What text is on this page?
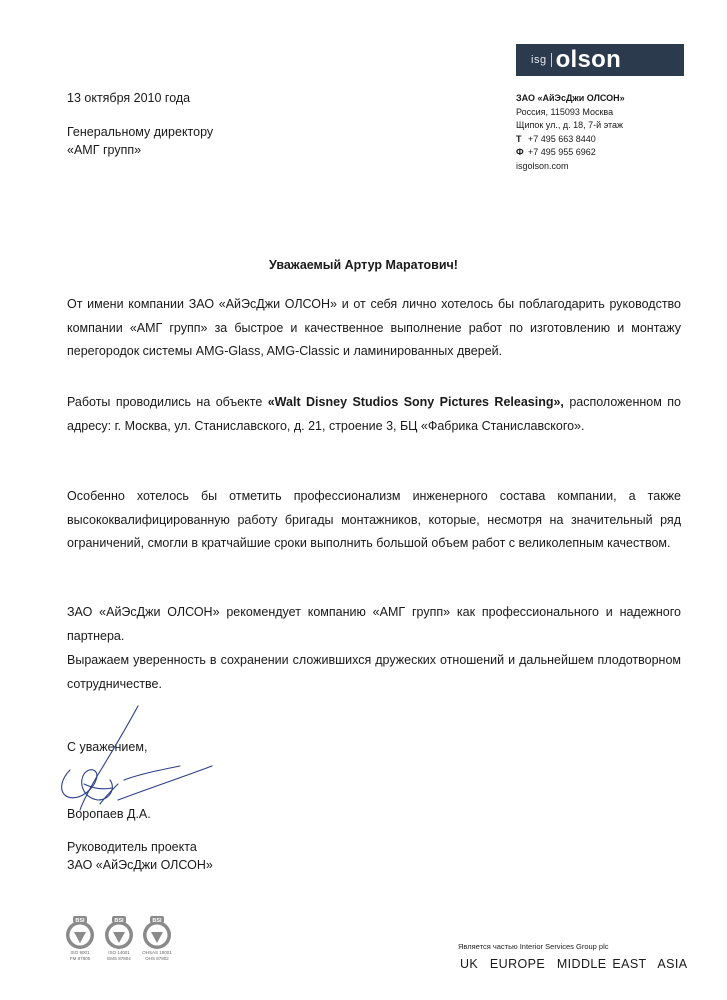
isg olson
ЗАО «АйЭсДжи ОЛСОН»
Россия, 115093 Москва
Щипок ул., д. 18, 7-й этаж
Т +7 495 663 8440
Ф +7 495 955 6962
isgolson.com
13 октября 2010 года
Генеральному директору
«АМГ групп»
Уважаемый Артур Маратович!
От имени компании ЗАО «АйЭсДжи ОЛСОН» и от себя лично хотелось бы поблагодарить руководство компании «АМГ групп» за быстрое и качественное выполнение работ по изготовлению и монтажу перегородок системы AMG-Glass, AMG-Classic и ламинированных дверей.
Работы проводились на объекте «Walt Disney Studios Sony Pictures Releasing», расположенном по адресу: г. Москва, ул. Станиславского, д. 21, строение 3, БЦ «Фабрика Станиславского».
Особенно хотелось бы отметить профессионализм инженерного состава компании, а также высококвалифицированную работу бригады монтажников, которые, несмотря на значительный ряд ограничений, смогли в кратчайшие сроки выполнить большой объем работ с великолепным качеством.
ЗАО «АйЭсДжи ОЛСОН» рекомендует компанию «АМГ групп» как профессионального и надежного партнера.
Выражаем уверенность в сохранении сложившихся дружеских отношений и дальнейшем плодотворном сотрудничестве.
С уважением,
Воропаев Д.А.
Руководитель проекта
ЗАО «АйЭсДжи ОЛСОН»
BSI
ISO 9001
FM 87805
BSI
ISO 14001
EMS 87804
BSI
OHSAS 18001
OHS 87802
Является частью Interior Services Group plc
UK  EUROPE  MIDDLE EAST  ASIA
